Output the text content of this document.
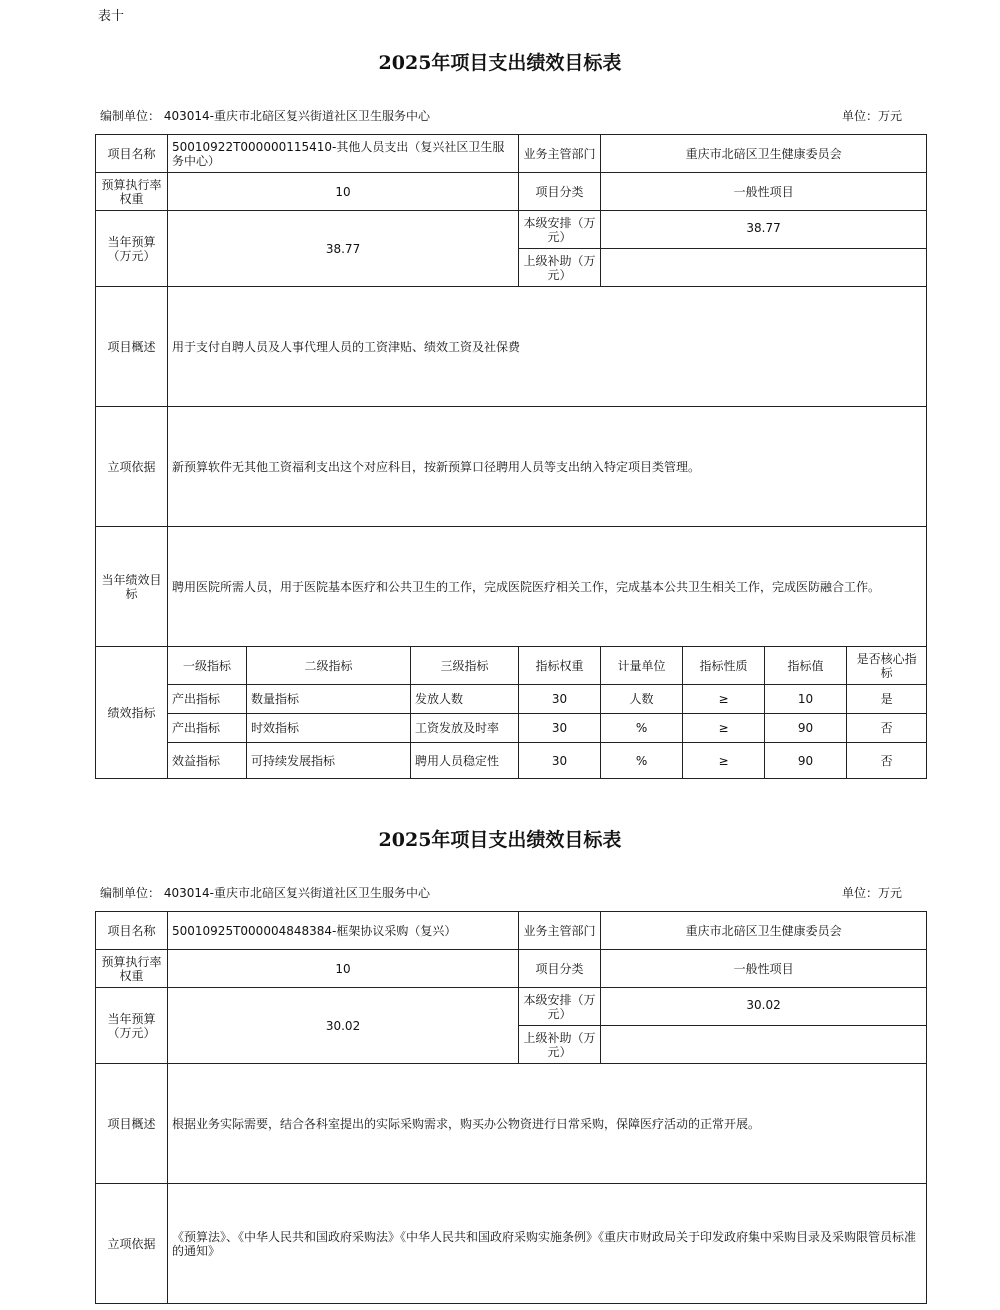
表十
2025年项目支出绩效目标表
编制单位： 403014-重庆市北碚区复兴街道社区卫生服务中心	单位：万元
项目名称	50010922T000000115410-其他人员支出（复兴社区卫生服务中心）			业务主管部门	重庆市北碚区卫生健康委员会			
预算执行率权重	10			项目分类	一般性项目			
当年预算（万元）	38.77			本级安排（万元）	38.77			
				上级补助（万元）				
项目概述	用于支付自聘人员及人事代理人员的工资津贴、绩效工资及社保费							
立项依据	新预算软件无其他工资福利支出这个对应科目，按新预算口径聘用人员等支出纳入特定项目类管理。							
当年绩效目标	聘用医院所需人员，用于医院基本医疗和公共卫生的工作，完成医院医疗相关工作，完成基本公共卫生相关工作，完成医防融合工作。							
绩效指标	一级指标	二级指标	三级指标	指标权重	计量单位	指标性质	指标值	是否核心指标
	产出指标	数量指标	发放人数	30	人数	≥	10	是
	产出指标	时效指标	工资发放及时率	30	%	≥	90	否
	效益指标	可持续发展指标	聘用人员稳定性	30	%	≥	90	否
2025年项目支出绩效目标表
编制单位： 403014-重庆市北碚区复兴街道社区卫生服务中心	单位：万元
项目名称	50010925T000004848384-框架协议采购（复兴）	业务主管部门	重庆市北碚区卫生健康委员会
预算执行率权重	10	项目分类	一般性项目
当年预算（万元）	30.02	本级安排（万元）	30.02
		上级补助（万元）	
项目概述	根据业务实际需要，结合各科室提出的实际采购需求，购买办公物资进行日常采购，保障医疗活动的正常开展。		
立项依据	《预算法》、《中华人民共和国政府采购法》《中华人民共和国政府采购实施条例》《重庆市财政局关于印发政府集中采购目录及采购限管员标准的通知》		
